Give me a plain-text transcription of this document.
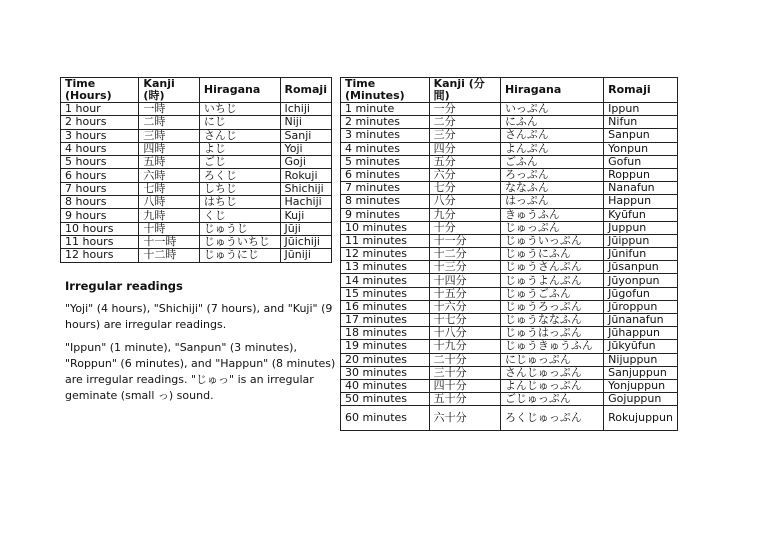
Time (Hours)	Kanji (時)	Hiragana	Romaji
1 hour	一時	いちじ	Ichiji
2 hours	二時	にじ	Niji
3 hours	三時	さんじ	Sanji
4 hours	四時	よじ	Yoji
5 hours	五時	ごじ	Goji
6 hours	六時	ろくじ	Rokuji
7 hours	七時	しちじ	Shichiji
8 hours	八時	はちじ	Hachiji
9 hours	九時	くじ	Kuji
10 hours	十時	じゅうじ	Jūji
11 hours	十一時	じゅういちじ	Jūichiji
12 hours	十二時	じゅうにじ	Jūniji
Time (Minutes)	Kanji (分間)	Hiragana	Romaji
1 minute	一分	いっぷん	Ippun
2 minutes	二分	にふん	Nifun
3 minutes	三分	さんぷん	Sanpun
4 minutes	四分	よんぷん	Yonpun
5 minutes	五分	ごふん	Gofun
6 minutes	六分	ろっぷん	Roppun
7 minutes	七分	ななふん	Nanafun
8 minutes	八分	はっぷん	Happun
9 minutes	九分	きゅうふん	Kyūfun
10 minutes	十分	じゅっぷん	Juppun
11 minutes	十一分	じゅういっぷん	Jūippun
12 minutes	十二分	じゅうにふん	Jūnifun
13 minutes	十三分	じゅうさんぷん	Jūsanpun
14 minutes	十四分	じゅうよんぷん	Jūyonpun
15 minutes	十五分	じゅうごふん	Jūgofun
16 minutes	十六分	じゅうろっぷん	Jūroppun
17 minutes	十七分	じゅうななふん	Jūnanafun
18 minutes	十八分	じゅうはっぷん	Jūhappun
19 minutes	十九分	じゅうきゅうふん	Jūkyūfun
20 minutes	二十分	にじゅっぷん	Nijuppun
30 minutes	三十分	さんじゅっぷん	Sanjuppun
40 minutes	四十分	よんじゅっぷん	Yonjuppun
50 minutes	五十分	ごじゅっぷん	Gojuppun
60 minutes	六十分	ろくじゅっぷん	Rokujuppun
Irregular readings

"Yoji" (4 hours), "Shichiji" (7 hours), and "Kuji" (9 hours) are irregular readings.

"Ippun" (1 minute), "Sanpun" (3 minutes), "Roppun" (6 minutes), and "Happun" (8 minutes) are irregular readings. "じゅっ" is an irregular geminate (small っ) sound.
